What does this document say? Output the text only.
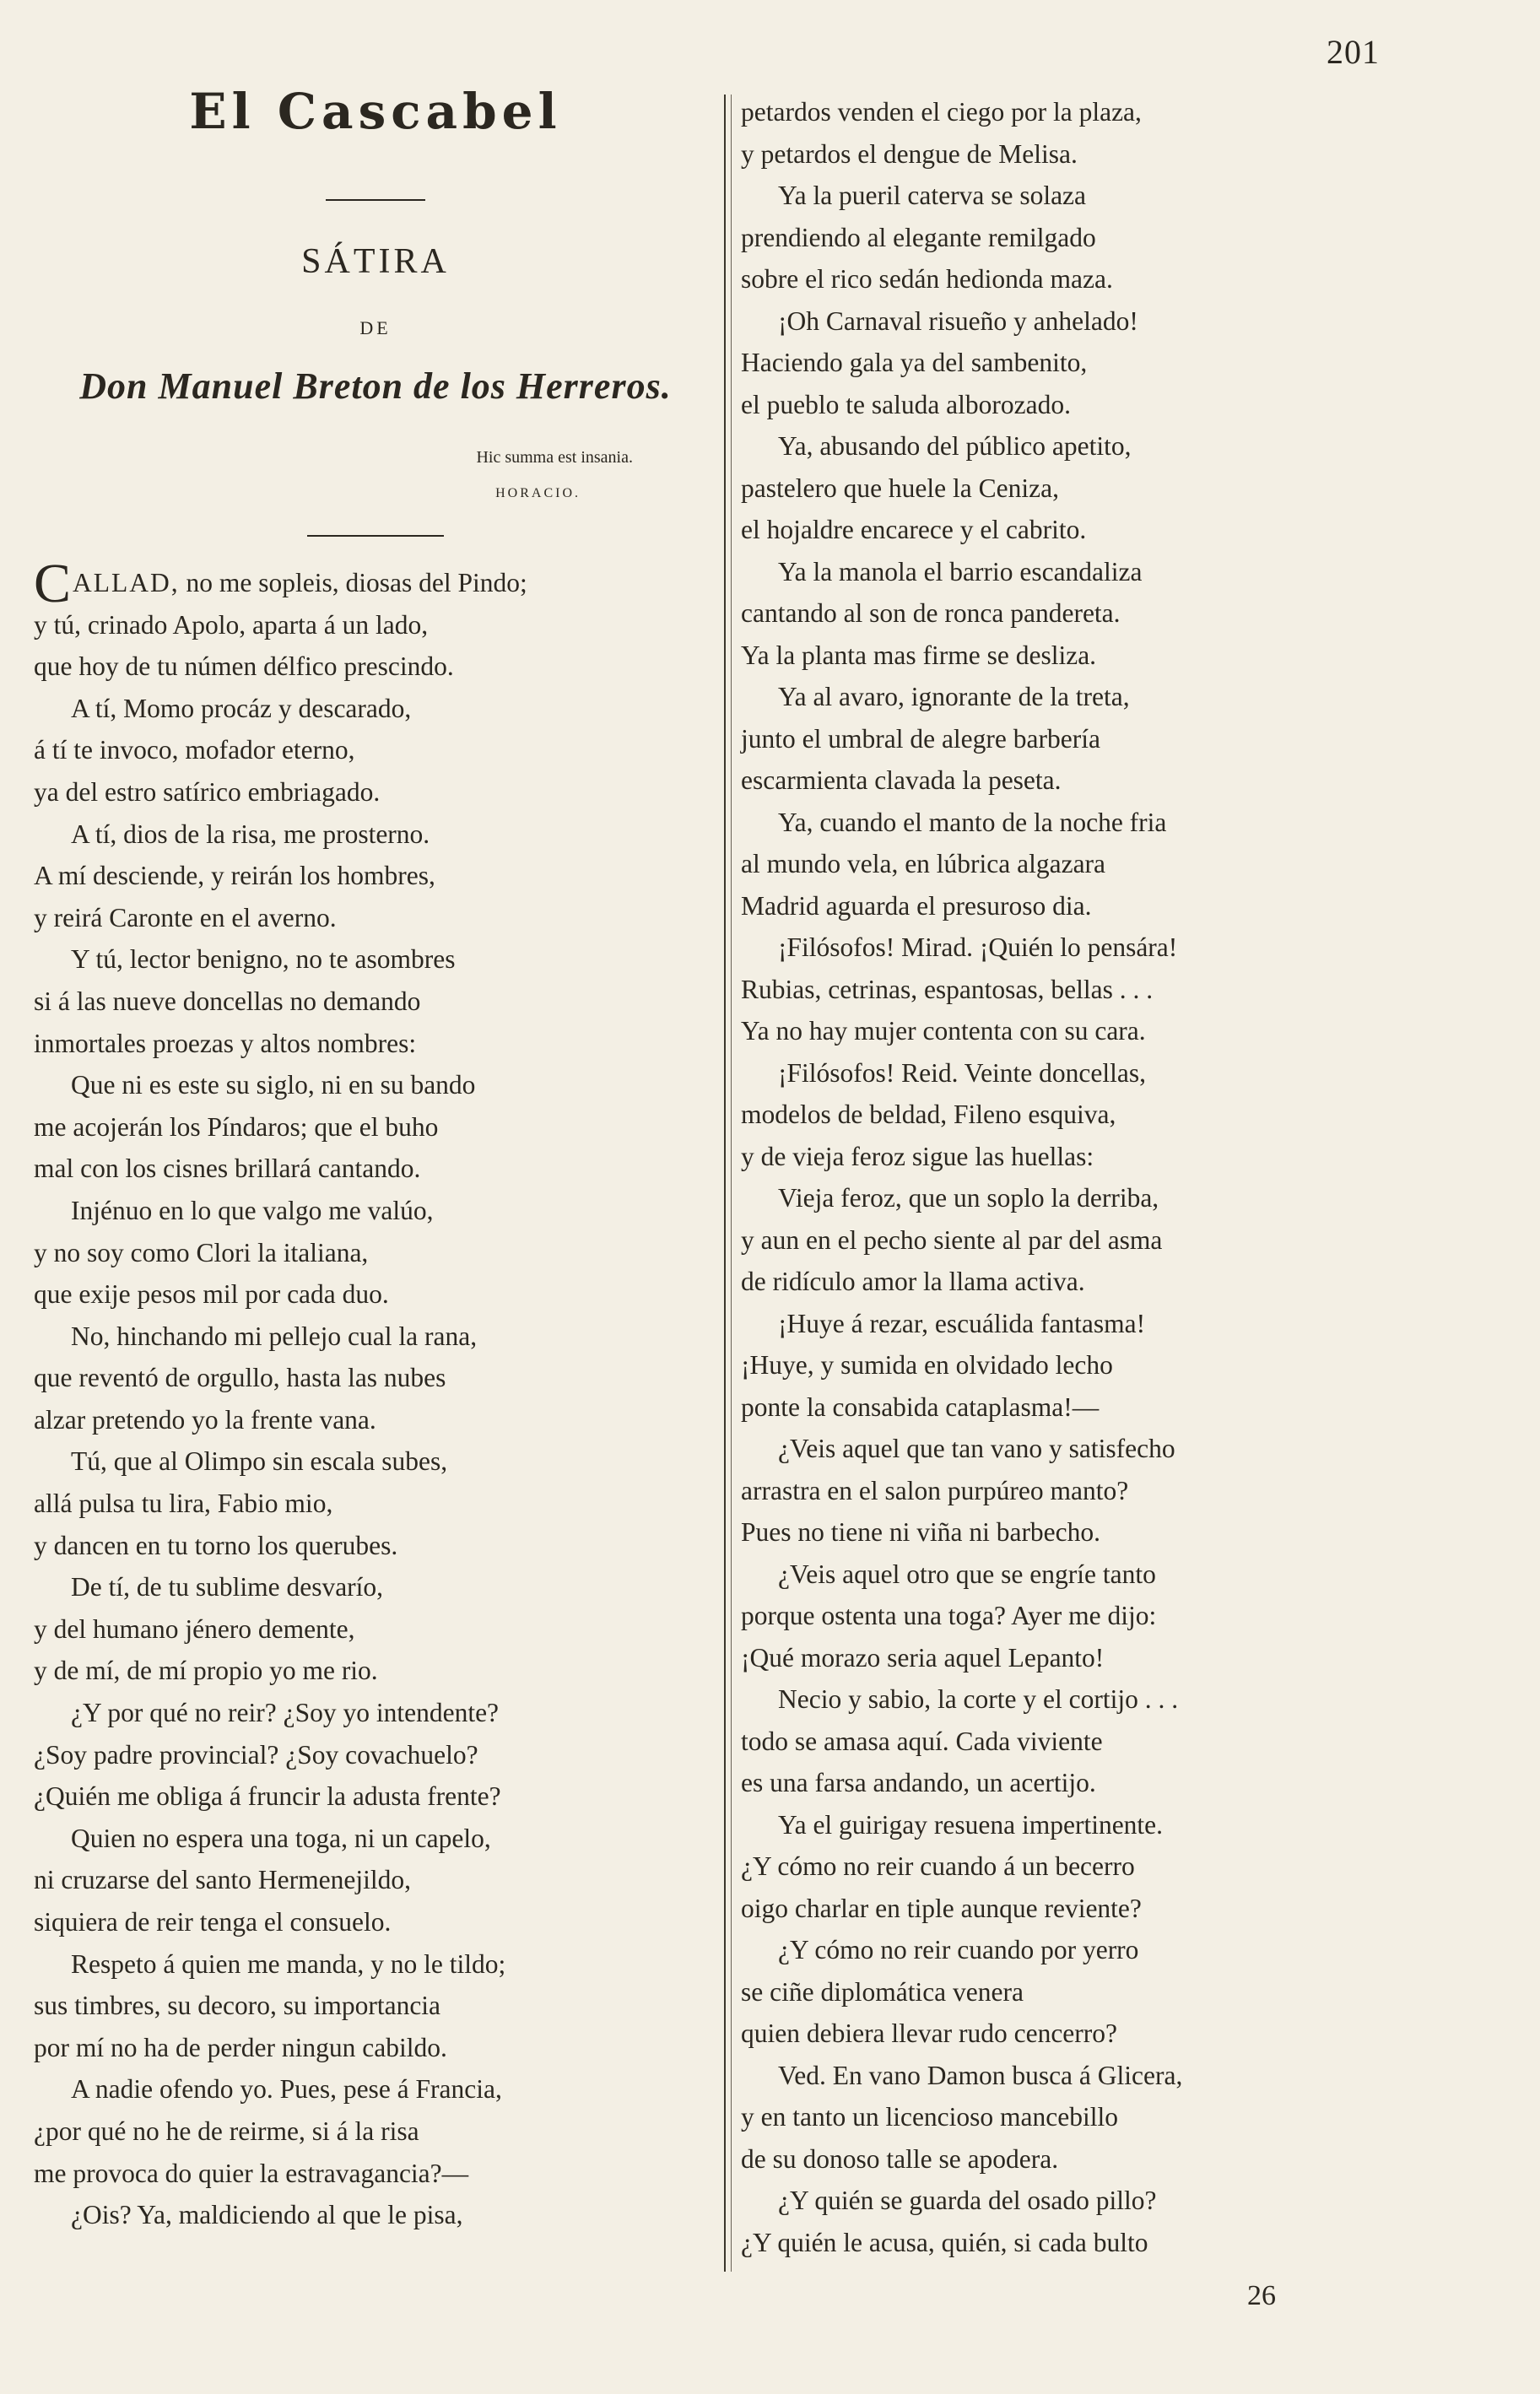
201
El Cascabel
SÁTIRA
DE
Don Manuel Breton de los Herreros.
Hic summa est insania.
HORACIO.
CALLAD, no me sopleis, diosas del Pindo;
y tú, crinado Apolo, aparta á un lado,
que hoy de tu númen délfico prescindo.
A tí, Momo procáz y descarado,
á tí te invoco, mofador eterno,
ya del estro satírico embriagado.
A tí, dios de la risa, me prosterno.
A mí desciende, y reirán los hombres,
y reirá Caronte en el averno.
Y tú, lector benigno, no te asombres
si á las nueve doncellas no demando
inmortales proezas y altos nombres:
Que ni es este su siglo, ni en su bando
me acojerán los Píndaros; que el buho
mal con los cisnes brillará cantando.
Injénuo en lo que valgo me valúo,
y no soy como Clori la italiana,
que exije pesos mil por cada duo.
No, hinchando mi pellejo cual la rana,
que reventó de orgullo, hasta las nubes
alzar pretendo yo la frente vana.
Tú, que al Olimpo sin escala subes,
allá pulsa tu lira, Fabio mio,
y dancen en tu torno los querubes.
De tí, de tu sublime desvarío,
y del humano jénero demente,
y de mí, de mí propio yo me rio.
¿Y por qué no reir? ¿Soy yo intendente?
¿Soy padre provincial? ¿Soy covachuelo?
¿Quién me obliga á fruncir la adusta frente?
Quien no espera una toga, ni un capelo,
ni cruzarse del santo Hermenejildo,
siquiera de reir tenga el consuelo.
Respeto á quien me manda, y no le tildo;
sus timbres, su decoro, su importancia
por mí no ha de perder ningun cabildo.
A nadie ofendo yo. Pues, pese á Francia,
¿por qué no he de reirme, si á la risa
me provoca do quier la estravagancia?—
¿Ois? Ya, maldiciendo al que le pisa,
petardos venden el ciego por la plaza,
y petardos el dengue de Melisa.
Ya la pueril caterva se solaza
prendiendo al elegante remilgado
sobre el rico sedán hedionda maza.
¡Oh Carnaval risueño y anhelado!
Haciendo gala ya del sambenito,
el pueblo te saluda alborozado.
Ya, abusando del público apetito,
pastelero que huele la Ceniza,
el hojaldre encarece y el cabrito.
Ya la manola el barrio escandaliza
cantando al son de ronca pandereta.
Ya la planta mas firme se desliza.
Ya al avaro, ignorante de la treta,
junto el umbral de alegre barbería
escarmienta clavada la peseta.
Ya, cuando el manto de la noche fria
al mundo vela, en lúbrica algazara
Madrid aguarda el presuroso dia.
¡Filósofos! Mirad. ¡Quién lo pensára!
Rubias, cetrinas, espantosas, bellas . . .
Ya no hay mujer contenta con su cara.
¡Filósofos! Reid. Veinte doncellas,
modelos de beldad, Fileno esquiva,
y de vieja feroz sigue las huellas:
Vieja feroz, que un soplo la derriba,
y aun en el pecho siente al par del asma
de ridículo amor la llama activa.
¡Huye á rezar, escuálida fantasma!
¡Huye, y sumida en olvidado lecho
ponte la consabida cataplasma!—
¿Veis aquel que tan vano y satisfecho
arrastra en el salon purpúreo manto?
Pues no tiene ni viña ni barbecho.
¿Veis aquel otro que se engríe tanto
porque ostenta una toga? Ayer me dijo:
¡Qué morazo seria aquel Lepanto!
Necio y sabio, la corte y el cortijo . . .
todo se amasa aquí. Cada viviente
es una farsa andando, un acertijo.
Ya el guirigay resuena impertinente.
¿Y cómo no reir cuando á un becerro
oigo charlar en tiple aunque reviente?
¿Y cómo no reir cuando por yerro
se ciñe diplomática venera
quien debiera llevar rudo cencerro?
Ved. En vano Damon busca á Glicera,
y en tanto un licencioso mancebillo
de su donoso talle se apodera.
¿Y quién se guarda del osado pillo?
¿Y quién le acusa, quién, si cada bulto
26
